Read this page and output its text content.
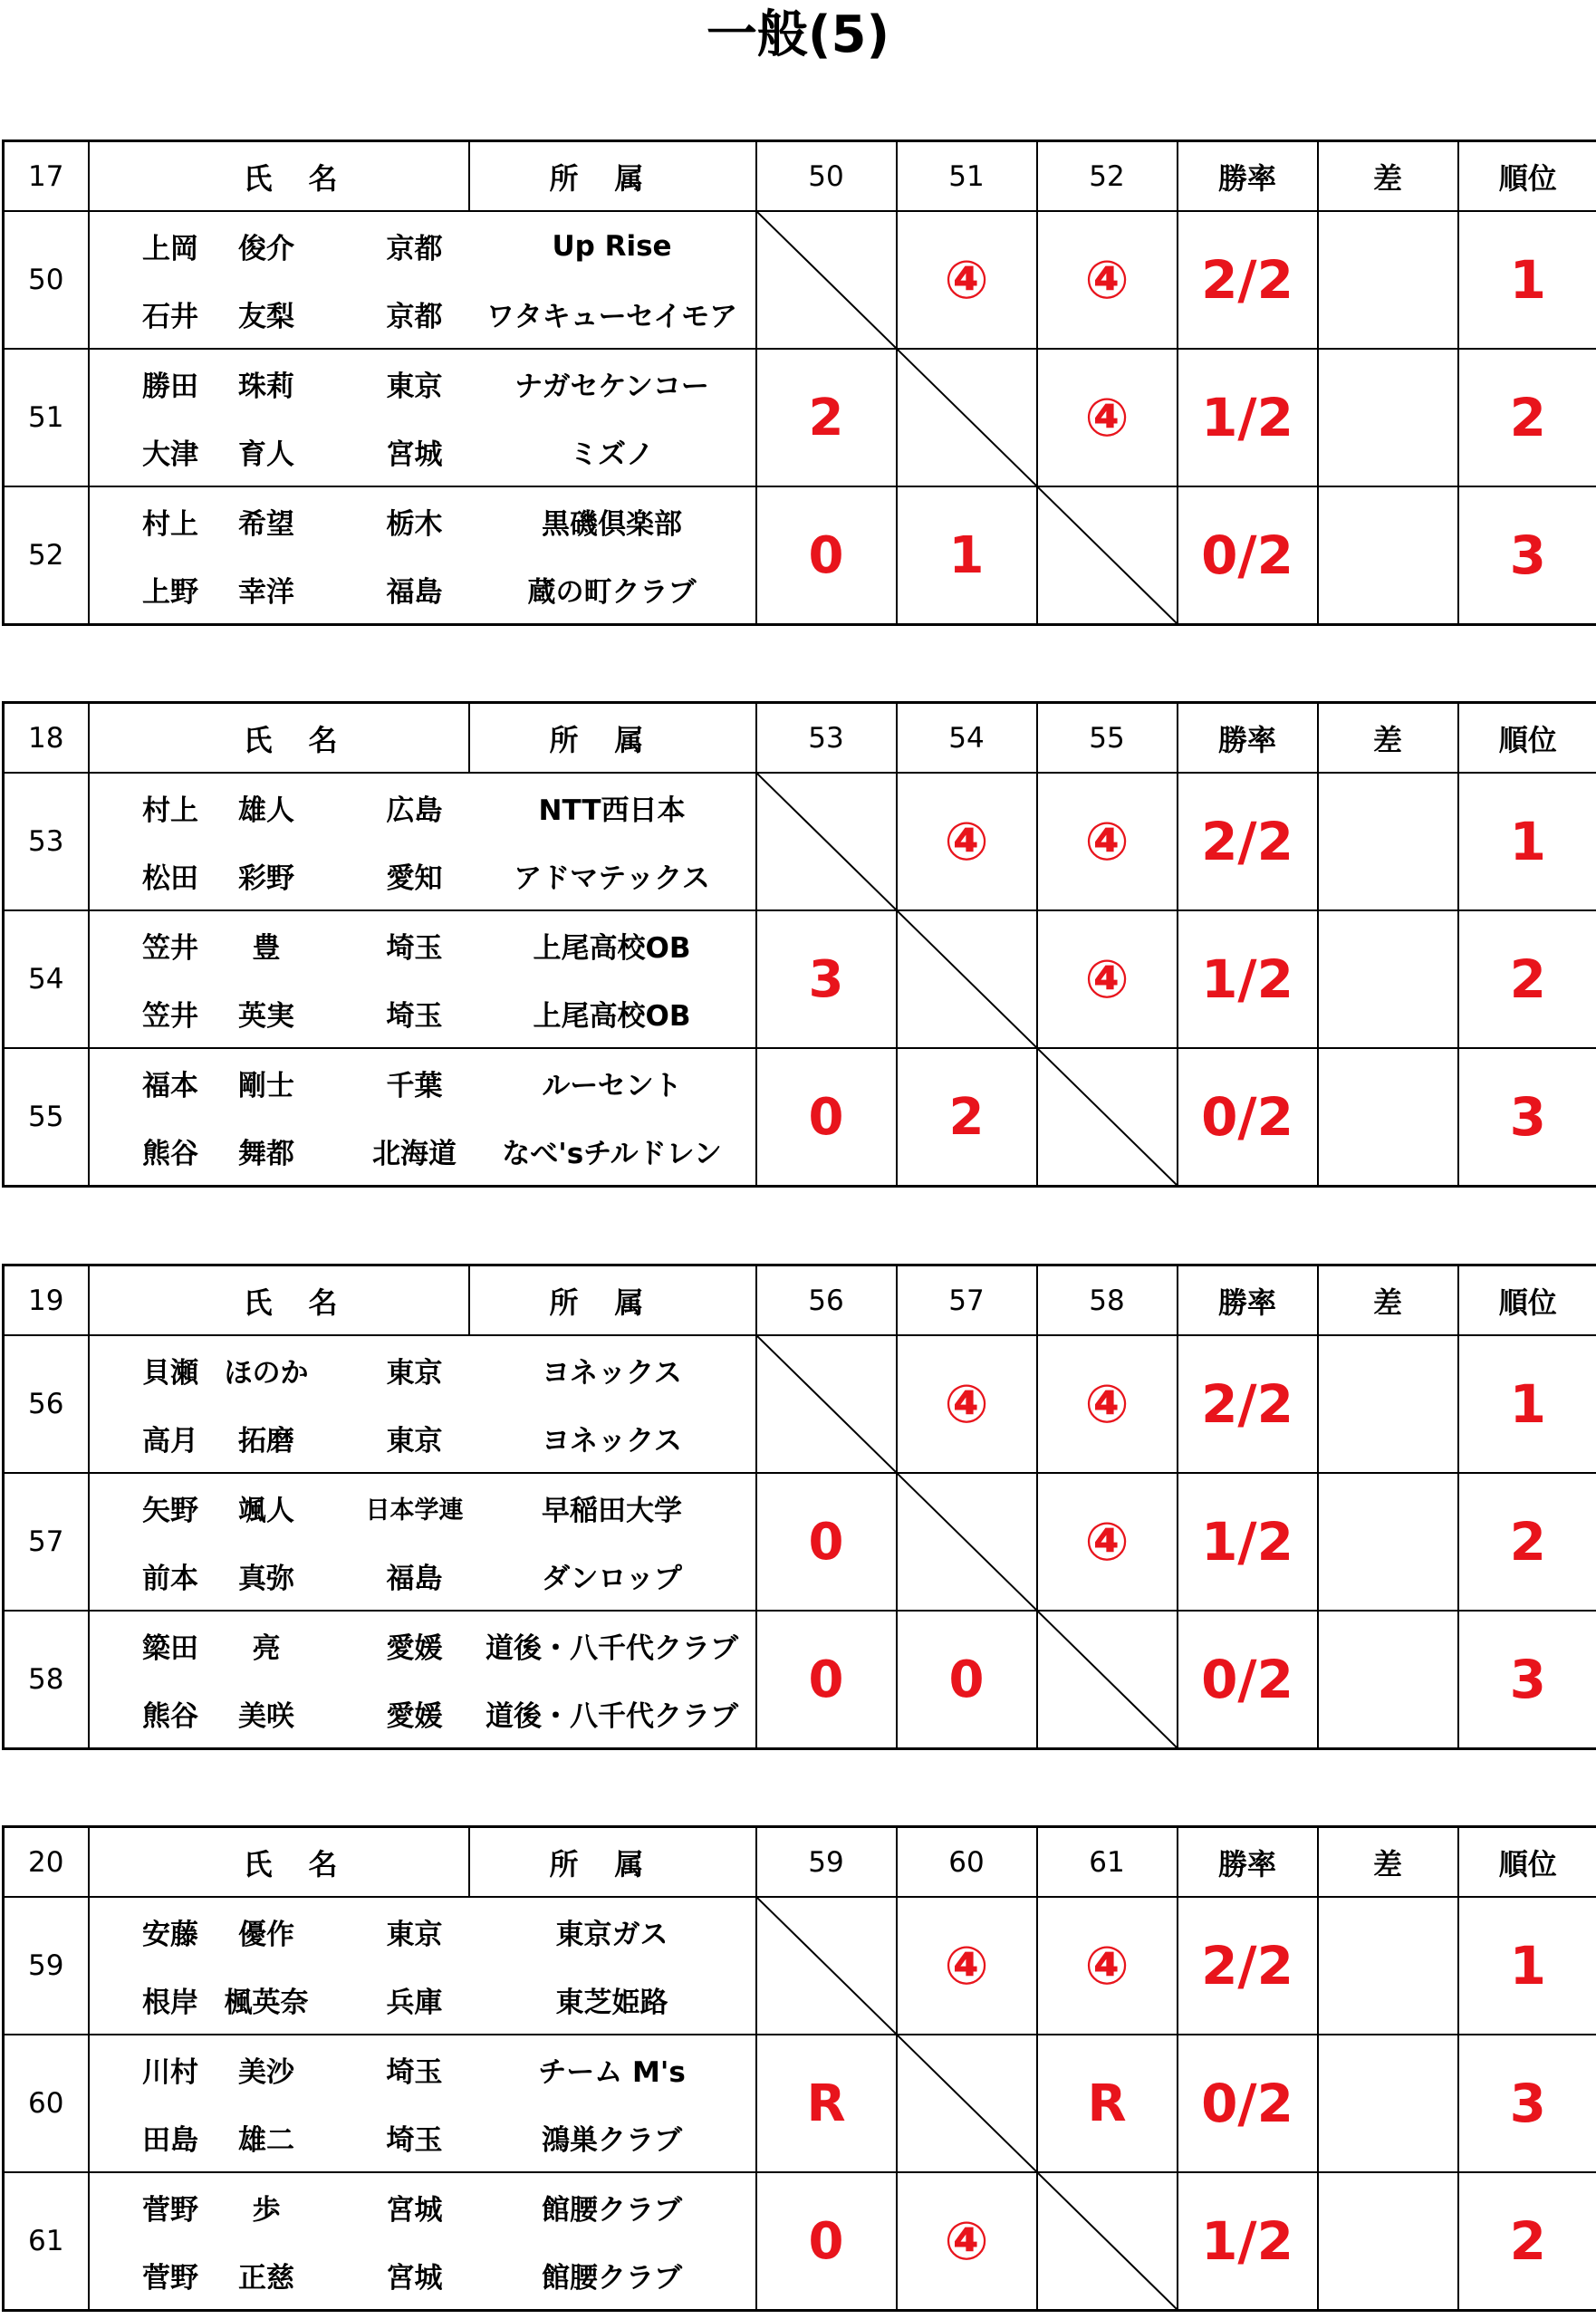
一般(5)
17	氏名		所属	50	51	52	勝率	差	順位
50	上岡 俊介	京都	Up Rise		④	④	2/2		1
	石井 友梨	京都	ワタキューセイモア						
51	勝田 珠莉	東京	ナガセケンコー	2		④	1/2		2
	大津 育人	宮城	ミズノ						
52	村上 希望	栃木	黒磯倶楽部	0	1		0/2		3
	上野 幸洋	福島	蔵の町クラブ						
18	氏名		所属	53	54	55	勝率	差	順位
53	村上 雄人	広島	NTT西日本		④	④	2/2		1
	松田 彩野	愛知	アドマテックス						
54	笠井 豊	埼玉	上尾高校OB	3		④	1/2		2
	笠井 英実	埼玉	上尾高校OB						
55	福本 剛士	千葉	ルーセント	0	2		0/2		3
	熊谷 舞都	北海道	なべ'sチルドレン						
19	氏名		所属	56	57	58	勝率	差	順位
56	貝瀬 ほのか	東京	ヨネックス		④	④	2/2		1
	高月 拓磨	東京	ヨネックス						
57	矢野 颯人	日本学連	早稲田大学	0		④	1/2		2
	前本 真弥	福島	ダンロップ						
58	簗田 亮	愛媛	道後・八千代クラブ	0	0		0/2		3
	熊谷 美咲	愛媛	道後・八千代クラブ						
20	氏名		所属	59	60	61	勝率	差	順位
59	安藤 優作	東京	東京ガス		④	④	2/2		1
	根岸 楓英奈	兵庫	東芝姫路						
60	川村 美沙	埼玉	チーム M's	R		R	0/2		3
	田島 雄二	埼玉	鴻巣クラブ						
61	菅野 歩	宮城	館腰クラブ	0	④		1/2		2
	菅野 正慈	宮城	館腰クラブ						
